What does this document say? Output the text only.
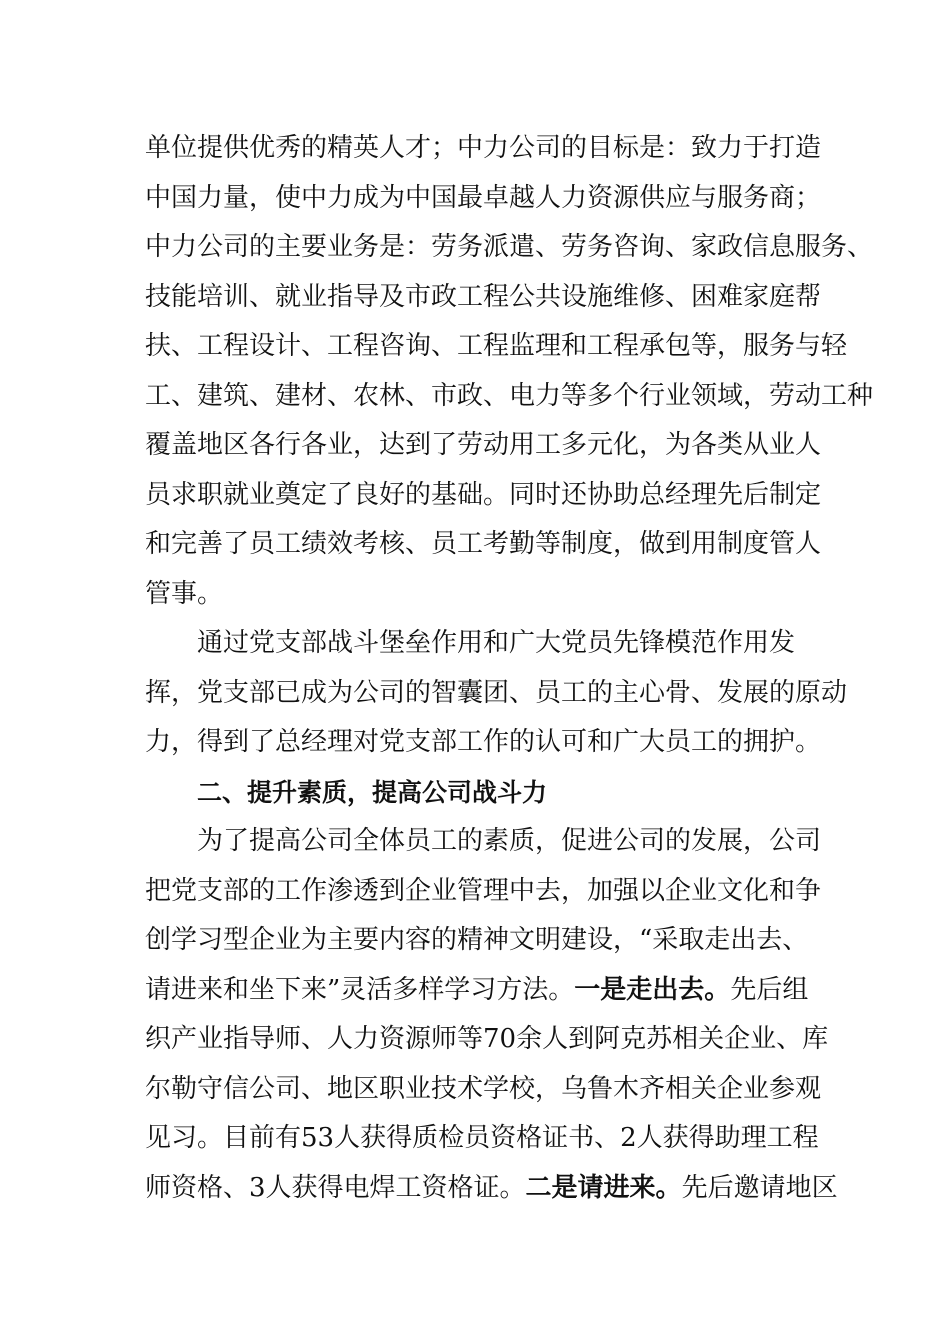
单位提供优秀的精英人才；中力公司的目标是：致力于打造
中国力量，使中力成为中国最卓越人力资源供应与服务商；
中力公司的主要业务是：劳务派遣、劳务咨询、家政信息服务、
技能培训、就业指导及市政工程公共设施维修、困难家庭帮
扶、工程设计、工程咨询、工程监理和工程承包等，服务与轻
工、建筑、建材、农林、市政、电力等多个行业领域，劳动工种
覆盖地区各行各业，达到了劳动用工多元化，为各类从业人
员求职就业奠定了良好的基础。同时还协助总经理先后制定
和完善了员工绩效考核、员工考勤等制度，做到用制度管人
管事。
通过党支部战斗堡垒作用和广大党员先锋模范作用发
挥，党支部已成为公司的智囊团、员工的主心骨、发展的原动
力，得到了总经理对党支部工作的认可和广大员工的拥护。
二、提升素质，提高公司战斗力
为了提高公司全体员工的素质，促进公司的发展，公司
把党支部的工作渗透到企业管理中去，加强以企业文化和争
创学习型企业为主要内容的精神文明建设，“采取走出去、
请进来和坐下来”灵活多样学习方法。一是走出去。先后组
织产业指导师、人力资源师等70余人到阿克苏相关企业、库
尔勒守信公司、地区职业技术学校，乌鲁木齐相关企业参观
见习。目前有53人获得质检员资格证书、2人获得助理工程
师资格、3人获得电焊工资格证。二是请进来。先后邀请地区
